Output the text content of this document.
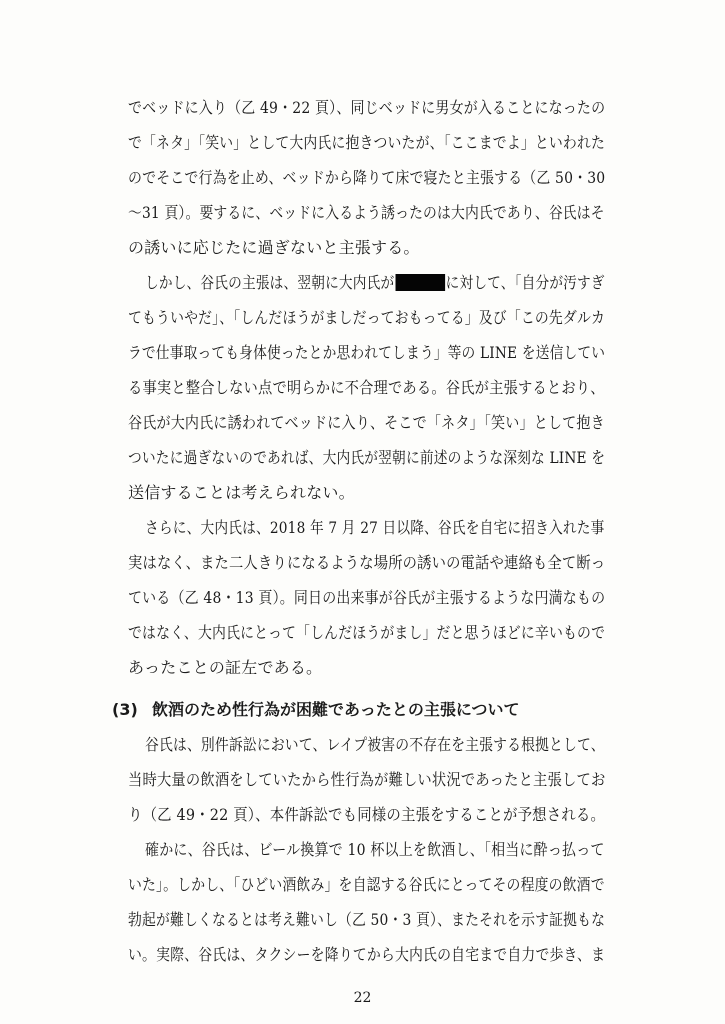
でベッドに入り（乙 49・22 頁）、同じベッドに男女が入ることになったの
で「ネタ」「笑い」として大内氏に抱きついたが、「ここまでよ」といわれた
のでそこで行為を止め、ベッドから降りて床で寝たと主張する（乙 50・30
～31 頁）。要するに、ベッドに入るよう誘ったのは大内氏であり、谷氏はそ
の誘いに応じたに過ぎないと主張する。
しかし、谷氏の主張は、翌朝に大内氏が	に対して、「自分が汚すぎ
てもういやだ」、「しんだほうがましだっておもってる」及び「この先ダルカ
ラで仕事取っても身体使ったとか思われてしまう」等の LINE を送信してい
る事実と整合しない点で明らかに不合理である。谷氏が主張するとおり、
谷氏が大内氏に誘われてベッドに入り、そこで「ネタ」「笑い」として抱き
ついたに過ぎないのであれば、大内氏が翌朝に前述のような深刻な LINE を
送信することは考えられない。
さらに、大内氏は、2018 年 7 月 27 日以降、谷氏を自宅に招き入れた事
実はなく、また二人きりになるような場所の誘いの電話や連絡も全て断っ
ている（乙 48・13 頁）。同日の出来事が谷氏が主張するような円満なもの
ではなく、大内氏にとって「しんだほうがまし」だと思うほどに辛いもので
あったことの証左である。
(3) 飲酒のため性行為が困難であったとの主張について
谷氏は、別件訴訟において、レイプ被害の不存在を主張する根拠として、
当時大量の飲酒をしていたから性行為が難しい状況であったと主張してお
り（乙 49・22 頁）、本件訴訟でも同様の主張をすることが予想される。
確かに、谷氏は、ビール換算で 10 杯以上を飲酒し、「相当に酔っ払って
いた」。しかし、「ひどい酒飲み」を自認する谷氏にとってその程度の飲酒で
勃起が難しくなるとは考え難いし（乙 50・3 頁）、またそれを示す証拠もな
い。実際、谷氏は、タクシーを降りてから大内氏の自宅まで自力で歩き、ま
22
